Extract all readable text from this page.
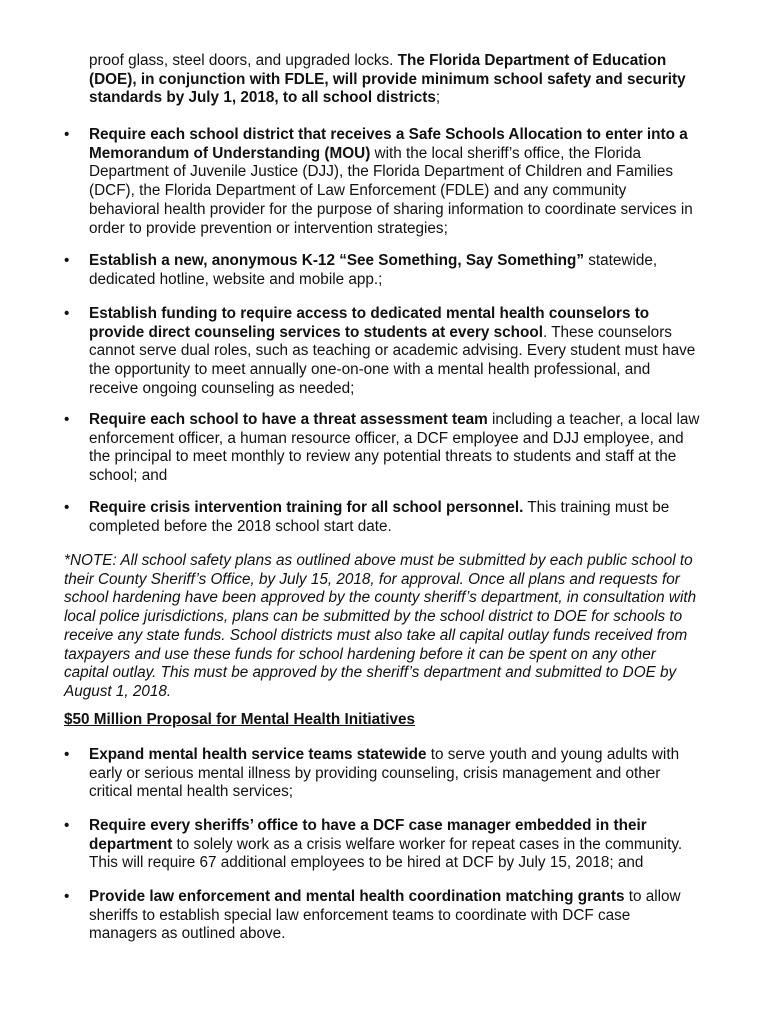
proof glass, steel doors, and upgraded locks. The Florida Department of Education (DOE), in conjunction with FDLE, will provide minimum school safety and security standards by July 1, 2018, to all school districts;

•	Require each school district that receives a Safe Schools Allocation to enter into a Memorandum of Understanding (MOU) with the local sheriff’s office, the Florida Department of Juvenile Justice (DJJ), the Florida Department of Children and Families (DCF), the Florida Department of Law Enforcement (FDLE) and any community behavioral health provider for the purpose of sharing information to coordinate services in order to provide prevention or intervention strategies;

•	Establish a new, anonymous K-12 “See Something, Say Something” statewide, dedicated hotline, website and mobile app.;

•	Establish funding to require access to dedicated mental health counselors to provide direct counseling services to students at every school. These counselors cannot serve dual roles, such as teaching or academic advising. Every student must have the opportunity to meet annually one-on-one with a mental health professional, and receive ongoing counseling as needed;

•	Require each school to have a threat assessment team including a teacher, a local law enforcement officer, a human resource officer, a DCF employee and DJJ employee, and the principal to meet monthly to review any potential threats to students and staff at the school; and

•	Require crisis intervention training for all school personnel. This training must be completed before the 2018 school start date.

*NOTE: All school safety plans as outlined above must be submitted by each public school to their County Sheriff’s Office, by July 15, 2018, for approval. Once all plans and requests for school hardening have been approved by the county sheriff’s department, in consultation with local police jurisdictions, plans can be submitted by the school district to DOE for schools to receive any state funds. School districts must also take all capital outlay funds received from taxpayers and use these funds for school hardening before it can be spent on any other capital outlay. This must be approved by the sheriff’s department and submitted to DOE by August 1, 2018.

$50 Million Proposal for Mental Health Initiatives

•	Expand mental health service teams statewide to serve youth and young adults with early or serious mental illness by providing counseling, crisis management and other critical mental health services;

•	Require every sheriffs’ office to have a DCF case manager embedded in their department to solely work as a crisis welfare worker for repeat cases in the community. This will require 67 additional employees to be hired at DCF by July 15, 2018; and

•	Provide law enforcement and mental health coordination matching grants to allow sheriffs to establish special law enforcement teams to coordinate with DCF case managers as outlined above.
